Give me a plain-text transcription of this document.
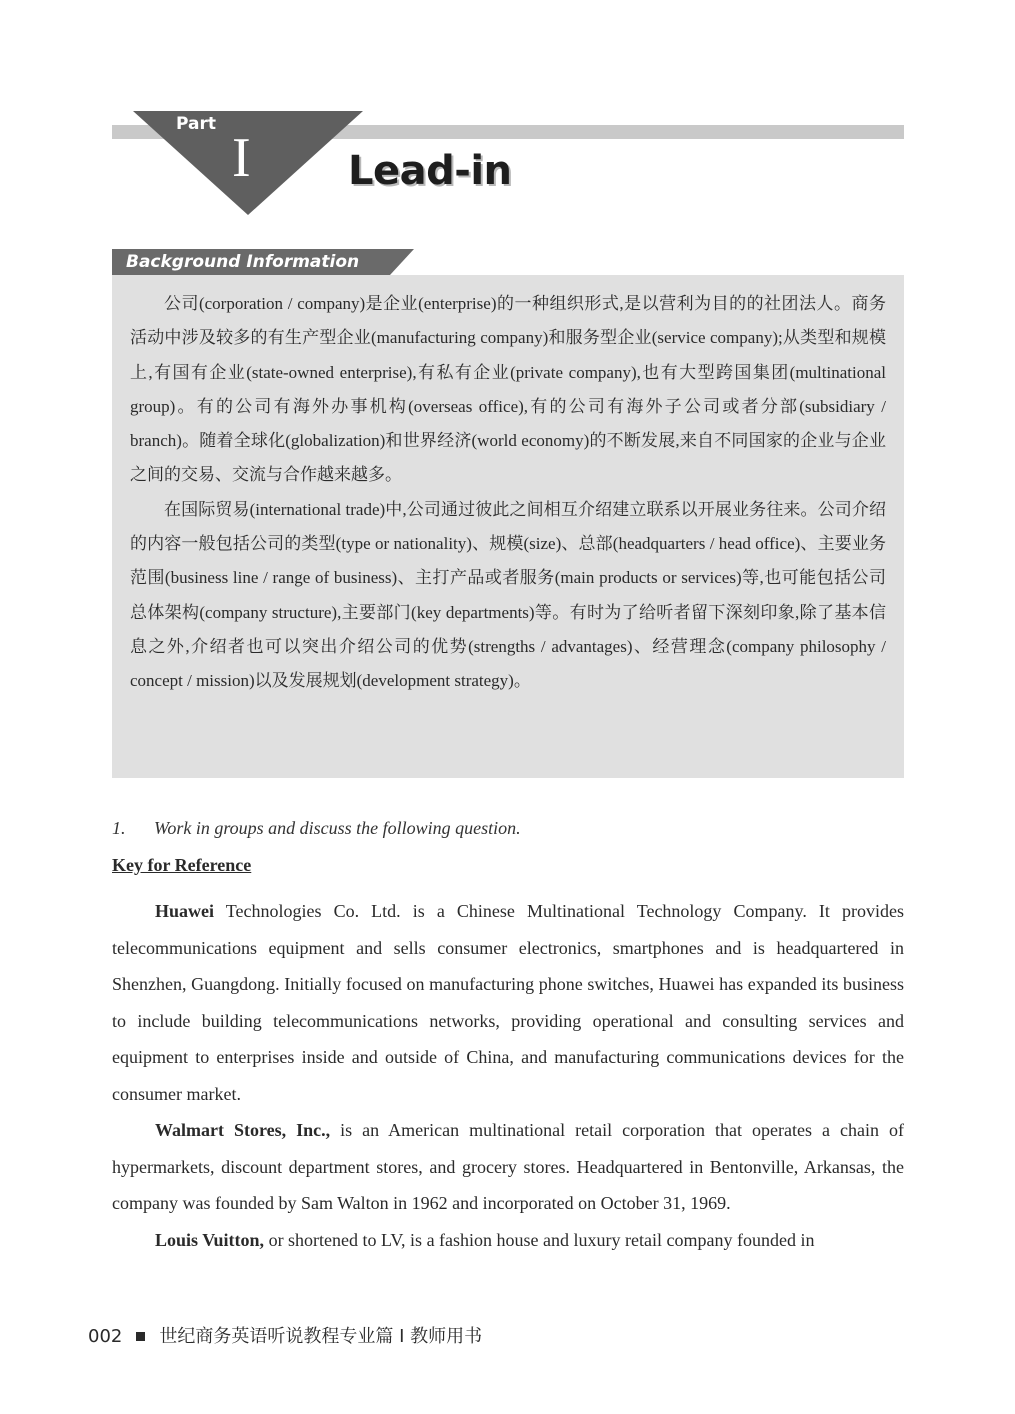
Part
I	Lead-in
Background Information

公司(corporation / company)是企业(enterprise)的一种组织形式,是以营利为目的的社团法人。商务活动中涉及较多的有生产型企业(manufacturing company)和服务型企业(service company);从类型和规模上,有国有企业(state-owned enterprise),有私有企业(private company),也有大型跨国集团(multinational group)。有的公司有海外办事机构(overseas office),有的公司有海外子公司或者分部(subsidiary / branch)。随着全球化(globalization)和世界经济(world economy)的不断发展,来自不同国家的企业与企业之间的交易、交流与合作越来越多。

在国际贸易(international trade)中,公司通过彼此之间相互介绍建立联系以开展业务往来。公司介绍的内容一般包括公司的类型(type or nationality)、规模(size)、总部(headquarters / head office)、主要业务范围(business line / range of business)、主打产品或者服务(main products or services)等,也可能包括公司总体架构(company structure),主要部门(key departments)等。有时为了给听者留下深刻印象,除了基本信息之外,介绍者也可以突出介绍公司的优势(strengths / advantages)、经营理念(company philosophy / concept / mission)以及发展规划(development strategy)。

1. Work in groups and discuss the following question.
Key for Reference

Huawei Technologies Co. Ltd. is a Chinese Multinational Technology Company. It provides telecommunications equipment and sells consumer electronics, smartphones and is headquartered in Shenzhen, Guangdong. Initially focused on manufacturing phone switches, Huawei has expanded its business to include building telecommunications networks, providing operational and consulting services and equipment to enterprises inside and outside of China, and manufacturing communications devices for the consumer market.

Walmart Stores, Inc., is an American multinational retail corporation that operates a chain of hypermarkets, discount department stores, and grocery stores. Headquartered in Bentonville, Arkansas, the company was founded by Sam Walton in 1962 and incorporated on October 31, 1969.

Louis Vuitton, or shortened to LV, is a fashion house and luxury retail company founded in

002 世纪商务英语听说教程专业篇 Ⅰ 教师用书
